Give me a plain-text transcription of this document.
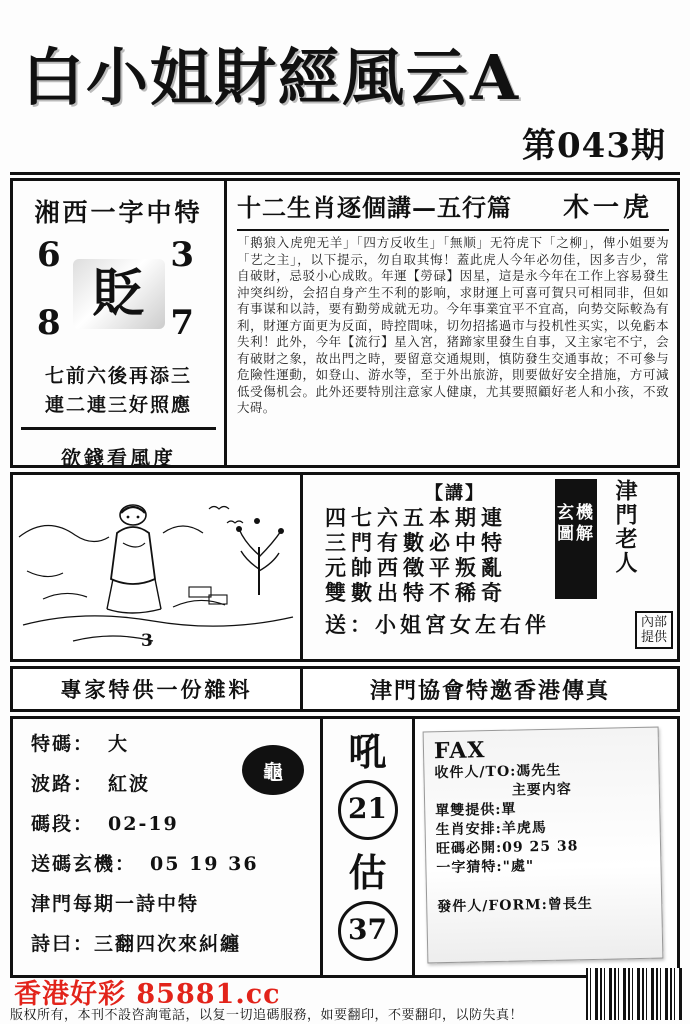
白小姐財經風云A
第043期
湘西一字中特
6	3
8	7
貶
七前六後再添三
連二連三好照應
欲錢看風度
十二生肖逐個講—五行篇 木一虎
「鹅狼入虎兜无羊」「四方反收生」「無顺」无符虎下「之柳」，俾小姐要为「艺之主」，以下提示，勿自取其悔！蓋此虎人今年必勿佳，因多吉少，常自破財，忌驳小心成敗。年運【勞碌】因星，這是永今年在工作上容易發生沖突纠纷，会招自身产生不利的影响，求財運上可喜可賀只可相同非，但如有事谋和以詩，要有勤勞成就无功。今年事業宜平不宜高，向势交际較為有利，財運方面更为反面，時控間味，切勿招搖過市与投机性买实，以免虧本失利！此外，今年【流行】星入宮，猪蹄家里發生自事，又主家宅不宁，会有破財之象，故出門之時，要留意交通規則，慎防發生交通事故；不可參与危險性運動，如登山、游水等，至于外出旅游，則要做好安全措施，方可減低受傷机会。此外还要特別注意家人健康，尤其要照顧好老人和小孩，不致大碍。
3
【講】
四七六五本期連
三門有數必中特
元帥西徵平叛亂
雙數出特不稀奇
送：小姐宮女左右伴
玄機圖解 津門老人
內部提供
專家特供一份雜料	津門協會特邀香港傳真
特碼： 大
波路： 紅波
碼段： 02-19
送碼玄機： 05 19 36
津門每期一詩中特
詩曰：三翻四次來糾纏
龜	吼
21
估
37
FAX
收件人/TO:馮先生
主要内容
單雙提供:單
生肖安排:羊虎馬
旺碼必開:09 25 38
一字猜特:"處"
發件人/FORM:曾長生
香港好彩 85881.cc
版权所有，本刊不設咨詢電話，以复一切追碼服務，如要翻印，不要翻印，以防失真！
